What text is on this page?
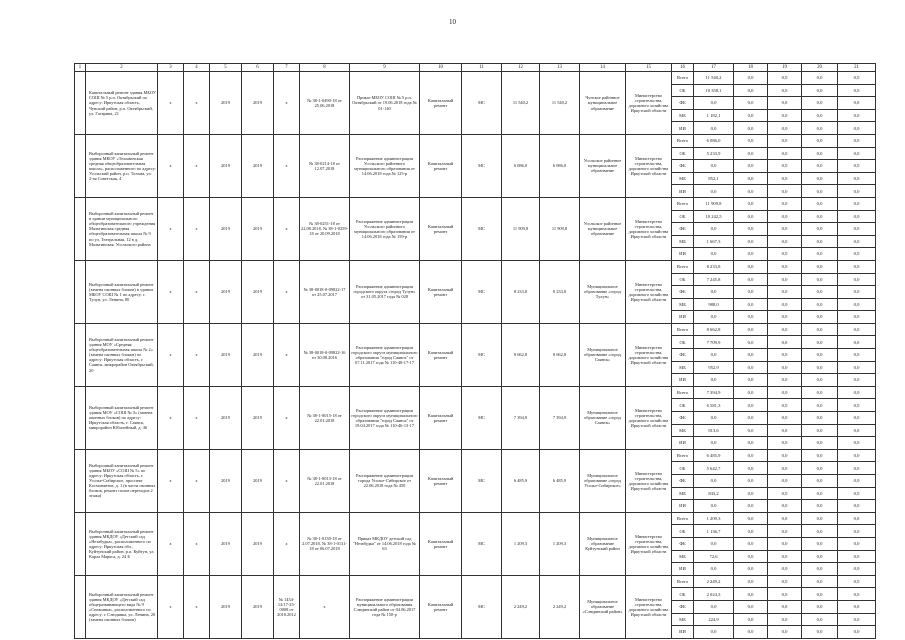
10
1	2	3	4	5	6	7	8	9	10	11	12	13	14	15	16	17	18	19	20	21	
	Капитальный ремонт здания МБОУ СОШ № 5 р.п. Октябрьский по адресу: Иркутская область, Чунский район, р.п. Октябрьский, ул. Гагарина, 21	х	х	2019	2019	х	№ 38-1-0490-18 от 25.06.2018	Приказ МБОУ СОШ № 5 р.п. Октябрьский от 19.06.2018 года № 01-140	Капитальный ремонт	МС	11 540,2	11 540,2	Чунское районное муниципальное образование	Министерство строительства, дорожного хозяйства Иркутской области	Всего	11 540,2	0,0	0,0	0,0	0,0	
															ОБ	10 358,1	0,0	0,0	0,0	0,0	
															ФБ	0,0	0,0	0,0	0,0	0,0	
															МБ	1 182,1	0,0	0,0	0,0	0,0	
															ИИ	0,0	0,0	0,0	0,0	0,0	
	Выборочный капитальный ремонт здания МКОУ «Тельминская средняя общеобразовательная школа», расположенного по адресу: Усольский район, р.п. Тельма, ул. 2-ая Советская, 4	х	х	2019	2019	х	№ 38-0214-18 от 12.07.2018	Распоряжение администрации Усольского районного муниципального образования от 14.06.2018 года № 125-р	Капитальный ремонт	МС	6 086,0	6 086,0	Усольское районное муниципальное образование	Министерство строительства, дорожного хозяйства Иркутской области	Всего	6 086,0	0,0	0,0	0,0	0,0	
															ОБ	5 233,9	0,0	0,0	0,0	0,0	
															ФБ	0,0	0,0	0,0	0,0	0,0	
															МБ	852,1	0,0	0,0	0,0	0,0	
															ИИ	0,0	0,0	0,0	0,0	0,0	
	Выборочный капитальный ремонт в здании муниципального общеобразовательного учреждения Мальтинская средняя общеобразовательная школа № 9 по ул. Театральная, 12 в д. Мальтинская, Усольского района	х	х	2019	2019	х	№ 38-0251-18 от 22.08.2018, № 38-1-0259-18 от 20.09.2018	Распоряжение администрации Усольского районного муниципального образования от 14.06.2018 года № 159-р	Капитальный ремонт	МС	11 909,8	11 909,8	Усольское районное муниципальное образование	Министерство строительства, дорожного хозяйства Иркутской области	Всего	11 909,8	0,0	0,0	0,0	0,0	
															ОБ	10 242,5	0,0	0,0	0,0	0,0	
															ФБ	0,0	0,0	0,0	0,0	0,0	
															МБ	1 667,3	0,0	0,0	0,0	0,0	
															ИИ	0,0	0,0	0,0	0,0	0,0	
	Выборочный капитальный ремонт (замена оконных блоков) в здании МБОУ СОШ № 1 по адресу: г. Тулун, ул. Ленина, 80	х	х	2019	2019	х	№ 38-0018-0-09822-17 от 25.07.2017	Распоряжение администрации городского округа «город Тулун» от 31.05.2017 года № 028	Капитальный ремонт	МС	8 233,8	8 233,8	Муниципальное образование «город Тулун»	Министерство строительства, дорожного хозяйства Иркутской области	Всего	8 233,8	0,0	0,0	0,0	0,0	
															ОБ	7 245,8	0,0	0,0	0,0	0,0	
															ФБ	0,0	0,0	0,0	0,0	0,0	
															МБ	988,0	0,0	0,0	0,0	0,0	
															ИИ	0,0	0,0	0,0	0,0	0,0	
	Выборочный капитальный ремонт здания МОУ «Средняя общеобразовательная школа № 2» (замена оконных блоков) по адресу: Иркутская область, г. Саянск, микрорайон Октябрьский, 20	х	х	2019	2019	х	№ 38-0018-0-09822-16 от 30.08.2016	Распоряжение администрации городского округа муниципального образования "город Саянск" от 07.11.2017 года № 110-48-17-17	Капитальный ремонт	МС	8 662,8	8 662,8	Муниципальное образование «город Саянск»	Министерство строительства, дорожного хозяйства Иркутской области	Всего	8 662,8	0,0	0,0	0,0	0,0	
															ОБ	7 709,9	0,0	0,0	0,0	0,0	
															ФБ	0,0	0,0	0,0	0,0	0,0	
															МБ	952,9	0,0	0,0	0,0	0,0	
															ИИ	0,0	0,0	0,0	0,0	0,0	
	Выборочный капитальный ремонт здания МОУ «СОШ № 3» (замена оконных блоков) по адресу: Иркутская область, г. Саянск, микрорайон Юбилейный, д. 46	х	х	2019	2019	х	№ 38-1-0015-18 от 22.01.2018	Распоряжение администрации городского округа муниципального образования "город Саянск" от 19.04.2017 года № 110-46-13-17	Капитальный ремонт	МС	7 394,9	7 394,9	Муниципальное образование «город Саянск»	Министерство строительства, дорожного хозяйства Иркутской области	Всего	7 394,9	0,0	0,0	0,0	0,0	
															ОБ	6 581,3	0,0	0,0	0,0	0,0	
															ФБ	0,0	0,0	0,0	0,0	0,0	
															МБ	813,6	0,0	0,0	0,0	0,0	
															ИИ	0,0	0,0	0,0	0,0	0,0	
	Выборочный капитальный ремонт здания МБОУ «СОШ № 5» по адресу: Иркутская область, г. Усолье-Сибирское, проспект Космонавтов, д. 1 (в части оконных блоков, ремонт полов переходов 2 этажа)	х	х	2019	2019	х	№ 38-1-0013-18 от 22.01.2018	Распоряжение администрации города Усолье-Сибирское от 22.06.2018 года № 450	Капитальный ремонт	МС	6 485,9	6 485,9	Муниципальное образование «город Усолье-Сибирское»	Министерство строительства, дорожного хозяйства Иркутской области	Всего	6 485,9	0,0	0,0	0,0	0,0	
															ОБ	5 642,7	0,0	0,0	0,0	0,0	
															ФБ	0,0	0,0	0,0	0,0	0,0	
															МБ	843,2	0,0	0,0	0,0	0,0	
															ИИ	0,0	0,0	0,0	0,0	0,0	
	Выборочный капитальный ремонт здания МКДОУ «Детский сад «Незабудка», расположенного по адресу: Иркутская обл., Куйтунский район, р.п. Куйтун, ул. Карла Маркса, д. 24 Б	х	х	2019	2019	х	№ 38-1-0130-18 от 2.07.2018, № 38-1-0131-18 от 06.07.2018	Приказ МКДОУ детский сад "Незабудка" от 14.06.2018 года № 63	Капитальный ремонт	МС	1 209,3	1 209,3	Муниципальное образование Куйтунский район	Министерство строительства, дорожного хозяйства Иркутской области	Всего	1 209,3	0,0	0,0	0,0	0,0	
															ОБ	1 136,7	0,0	0,0	0,0	0,0	
															ФБ	0,0	0,0	0,0	0,0	0,0	
															МБ	72,6	0,0	0,0	0,0	0,0	
															ИИ	0,0	0,0	0,0	0,0	0,0	
	Выборочный капитальный ремонт здания МКДОУ «Детский сад общеразвивающего вида № 9 «Снежинка», расположенного по адресу: г. Слюдянка, ул. Ленина, 20 (замена оконных блоков)	х	х	2019	2019	№ 1434-13/17-25-0008 от 2018.2012	х	Распоряжение администрации муниципального образования Слюдянский район от 04.06.2017 года № 150-р	Капитальный ремонт	МС	2 249,2	2 249,2	Муниципальное образование «Слюдянский район»	Министерство строительства, дорожного хозяйства Иркутской области	Всего	2 249,2	0,0	0,0	0,0	0,0	
															ОБ	2 024,3	0,0	0,0	0,0	0,0	
															ФБ	0,0	0,0	0,0	0,0	0,0	
															МБ	224,9	0,0	0,0	0,0	0,0	
															ИИ	0,0	0,0	0,0	0,0	0,0	
